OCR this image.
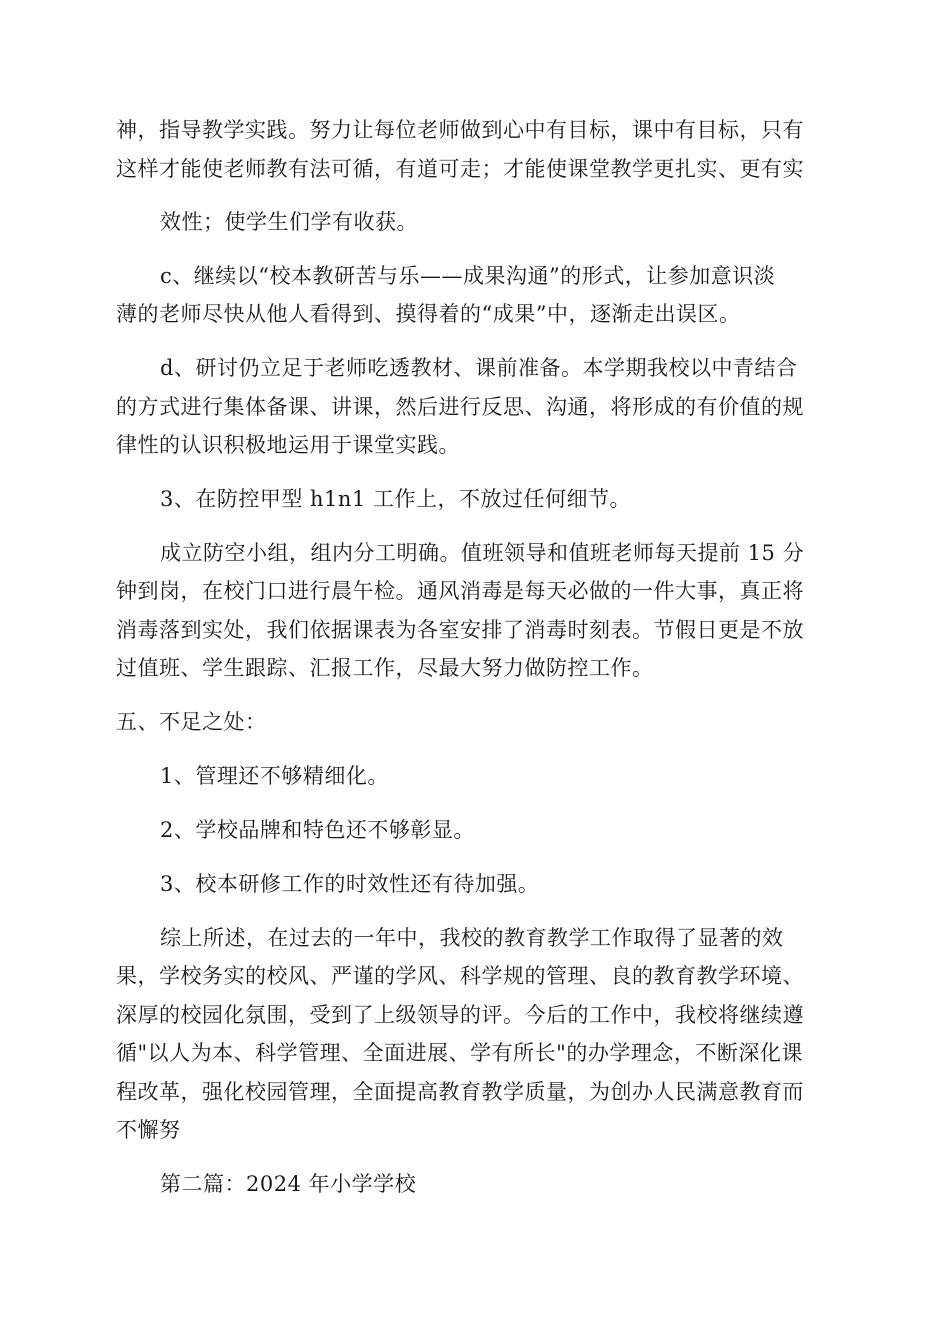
神，指导教学实践。努力让每位老师做到心中有目标，课中有目标，只有
这样才能使老师教有法可循，有道可走；才能使课堂教学更扎实、更有实
效性；使学生们学有收获。
c、继续以“校本教研苦与乐——成果沟通”的形式，让参加意识淡
薄的老师尽快从他人看得到、摸得着的“成果”中，逐渐走出误区。
d、研讨仍立足于老师吃透教材、课前准备。本学期我校以中青结合
的方式进行集体备课、讲课，然后进行反思、沟通，将形成的有价值的规
律性的认识积极地运用于课堂实践。
3、在防控甲型 h1n1 工作上，不放过任何细节。
成立防空小组，组内分工明确。值班领导和值班老师每天提前 15 分
钟到岗，在校门口进行晨午检。通风消毒是每天必做的一件大事，真正将
消毒落到实处，我们依据课表为各室安排了消毒时刻表。节假日更是不放
过值班、学生跟踪、汇报工作，尽最大努力做防控工作。
五、不足之处：
1、管理还不够精细化。
2、学校品牌和特色还不够彰显。
3、校本研修工作的时效性还有待加强。
综上所述，在过去的一年中，我校的教育教学工作取得了显著的效
果，学校务实的校风、严谨的学风、科学规的管理、良的教育教学环境、
深厚的校园化氛围，受到了上级领导的评。今后的工作中，我校将继续遵
循"以人为本、科学管理、全面进展、学有所长"的办学理念，不断深化课
程改革，强化校园管理，全面提高教育教学质量，为创办人民满意教育而
不懈努
第二篇：2024 年小学学校
